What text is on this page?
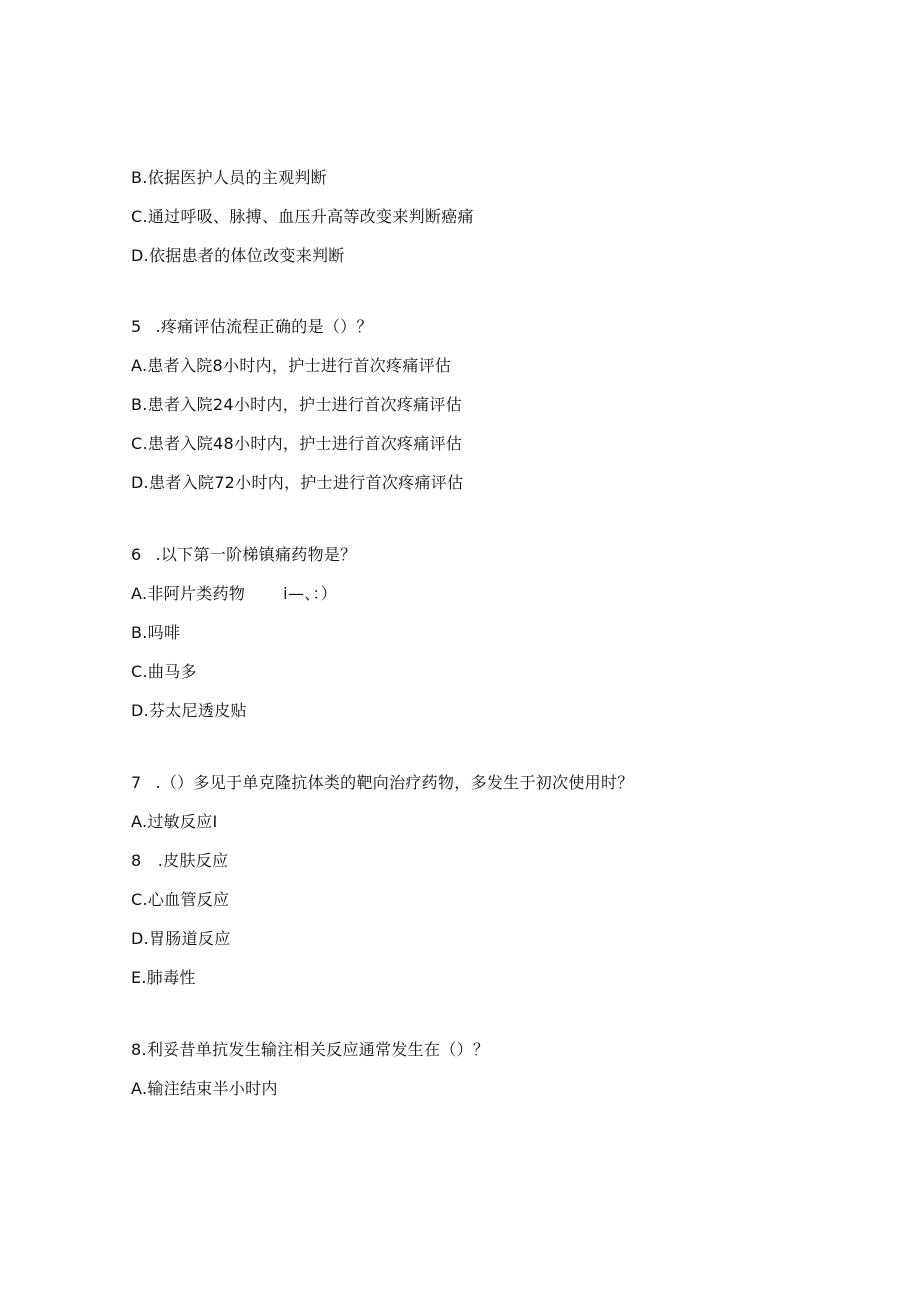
B.依据医护人员的主观判断
C.通过呼吸、脉搏、血压升高等改变来判断癌痛
D.依据患者的体位改变来判断
5 .疼痛评估流程正确的是（）？
A.患者入院8小时内，护士进行首次疼痛评估
B.患者入院24小时内，护士进行首次疼痛评估
C.患者入院48小时内，护士进行首次疼痛评估
D.患者入院72小时内，护士进行首次疼痛评估
6 .以下第一阶梯镇痛药物是？
A.非阿片类药物 i—、：）
B.吗啡
C.曲马多
D.芬太尼透皮贴
7 .（）多见于单克隆抗体类的靶向治疗药物，多发生于初次使用时？
A.过敏反应I
8　.皮肤反应
C.心血管反应
D.胃肠道反应
E.肺毒性
8.利妥昔单抗发生输注相关反应通常发生在（）？
A.输注结束半小时内
